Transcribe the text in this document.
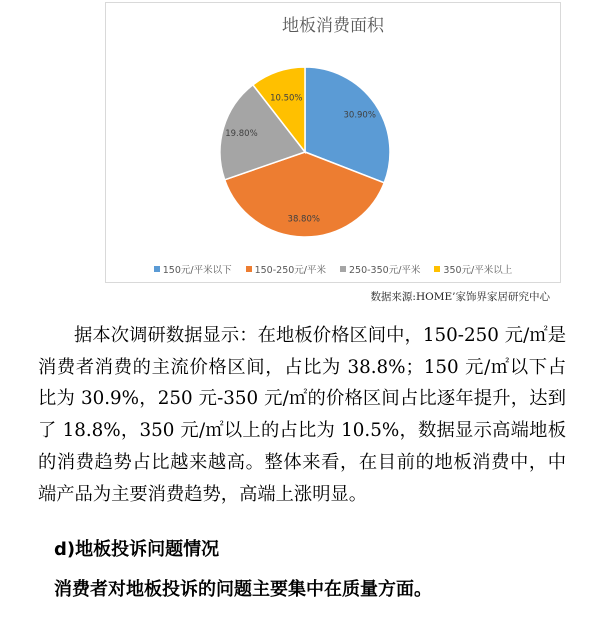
地板消费面积
30.90%
38.80%
19.80%
10.50%
150元/平米以下 150-250元/平米 250-350元/平米 350元/平米以上
数据来源:HOME’家饰界家居研究中心

据本次调研数据显示：在地板价格区间中，150-250 元/㎡是消费者消费的主流价格区间，占比为 38.8%；150 元/㎡以下占比为 30.9%，250 元-350 元/㎡的价格区间占比逐年提升，达到了 18.8%，350 元/㎡以上的占比为 10.5%，数据显示高端地板的消费趋势占比越来越高。整体来看，在目前的地板消费中，中端产品为主要消费趋势，高端上涨明显。

d)地板投诉问题情况

消费者对地板投诉的问题主要集中在质量方面。
